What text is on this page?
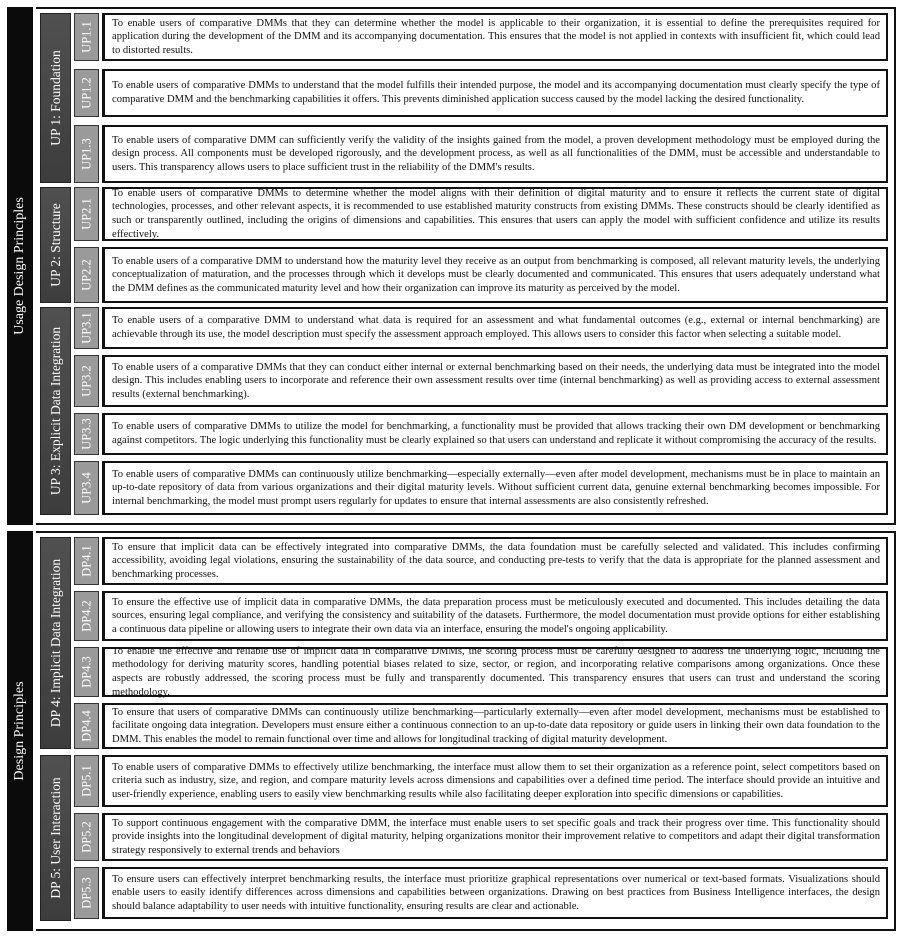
Usage Design Principles
UP 1: Foundation
UP1.1 To enable users of comparative DMMs that they can determine whether the model is applicable to their organization, it is essential to define the prerequisites required for application during the development of the DMM and its accompanying documentation. This ensures that the model is not applied in contexts with insufficient fit, which could lead to distorted results.
UP1.2 To enable users of comparative DMMs to understand that the model fulfills their intended purpose, the model and its accompanying documentation must clearly specify the type of comparative DMM and the benchmarking capabilities it offers. This prevents diminished application success caused by the model lacking the desired functionality.
UP1.3 To enable users of comparative DMM can sufficiently verify the validity of the insights gained from the model, a proven development methodology must be employed during the design process. All components must be developed rigorously, and the development process, as well as all functionalities of the DMM, must be accessible and understandable to users. This transparency allows users to place sufficient trust in the reliability of the DMM's results.
UP 2: Structure UP2.1
To enable users of comparative DMMs to determine whether the model aligns with their definition of digital maturity and to ensure it reflects the current state of digital technologies, processes, and other relevant aspects, it is recommended to use established maturity constructs from existing DMMs. These constructs should be clearly identified as such or transparently outlined, including the origins of dimensions and capabilities. This ensures that users can apply the model with sufficient confidence and utilize its results effectively.
UP2.2 To enable users of a comparative DMM to understand how the maturity level they receive as an output from benchmarking is composed, all relevant maturity levels, the underlying conceptualization of maturation, and the processes through which it develops must be clearly documented and communicated. This ensures that users adequately understand what the DMM defines as the communicated maturity level and how their organization can improve its maturity as perceived by the model.
UP 3: Explicit Data Integration UP3.1 To enable users of a comparative DMM to understand what data is required for an assessment and what fundamental outcomes (e.g., external or internal benchmarking) are achievable through its use, the model description must specify the assessment approach employed. This allows users to consider this factor when selecting a suitable model.
UP3.2 To enable users of a comparative DMMs that they can conduct either internal or external benchmarking based on their needs, the underlying data must be integrated into the model design. This includes enabling users to incorporate and reference their own assessment results over time (internal benchmarking) as well as providing access to external assessment results (external benchmarking).
UP3.3 To enable users of comparative DMMs to utilize the model for benchmarking, a functionality must be provided that allows tracking their own DM development or benchmarking against competitors. The logic underlying this functionality must be clearly explained so that users can understand and replicate it without compromising the accuracy of the results.
UP3.4 To enable users of comparative DMMs can continuously utilize benchmarking—especially externally—even after model development, mechanisms must be in place to maintain an up-to-date repository of data from various organizations and their digital maturity levels. Without sufficient current data, genuine external benchmarking becomes impossible. For internal benchmarking, the model must prompt users regularly for updates to ensure that internal assessments are also consistently refreshed.
Design Principles
DP 4: Implicit Data Integration DP4.1 To ensure that implicit data can be effectively integrated into comparative DMMs, the data foundation must be carefully selected and validated. This includes confirming accessibility, avoiding legal violations, ensuring the sustainability of the data source, and conducting pre-tests to verify that the data is appropriate for the planned assessment and benchmarking processes.
DP4.2 To ensure the effective use of implicit data in comparative DMMs, the data preparation process must be meticulously executed and documented. This includes detailing the data sources, ensuring legal compliance, and verifying the consistency and suitability of the datasets. Furthermore, the model documentation must provide options for either establishing a continuous data pipeline or allowing users to integrate their own data via an interface, ensuring the model's ongoing applicability.
DP4.3
To enable the effective and reliable use of implicit data in comparative DMMs, the scoring process must be carefully designed to address the underlying logic, including the methodology for deriving maturity scores, handling potential biases related to size, sector, or region, and incorporating relative comparisons among organizations. Once these aspects are robustly addressed, the scoring process must be fully and transparently documented. This transparency ensures that users can trust and understand the scoring methodology.
DP4.4 To ensure that users of comparative DMMs can continuously utilize benchmarking—particularly externally—even after model development, mechanisms must be established to facilitate ongoing data integration. Developers must ensure either a continuous connection to an up-to-date data repository or guide users in linking their own data foundation to the DMM. This enables the model to remain functional over time and allows for longitudinal tracking of digital maturity development.
DP 5: User Interaction DP5.1 To enable users of comparative DMMs to effectively utilize benchmarking, the interface must allow them to set their organization as a reference point, select competitors based on criteria such as industry, size, and region, and compare maturity levels across dimensions and capabilities over a defined time period. The interface should provide an intuitive and user-friendly experience, enabling users to easily view benchmarking results while also facilitating deeper exploration into specific dimensions or capabilities.
DP5.2 To support continuous engagement with the comparative DMM, the interface must enable users to set specific goals and track their progress over time. This functionality should provide insights into the longitudinal development of digital maturity, helping organizations monitor their improvement relative to competitors and adapt their digital transformation strategy responsively to external trends and behaviors
DP5.3 To ensure users can effectively interpret benchmarking results, the interface must prioritize graphical representations over numerical or text-based formats. Visualizations should enable users to easily identify differences across dimensions and capabilities between organizations. Drawing on best practices from Business Intelligence interfaces, the design should balance adaptability to user needs with intuitive functionality, ensuring results are clear and actionable.
